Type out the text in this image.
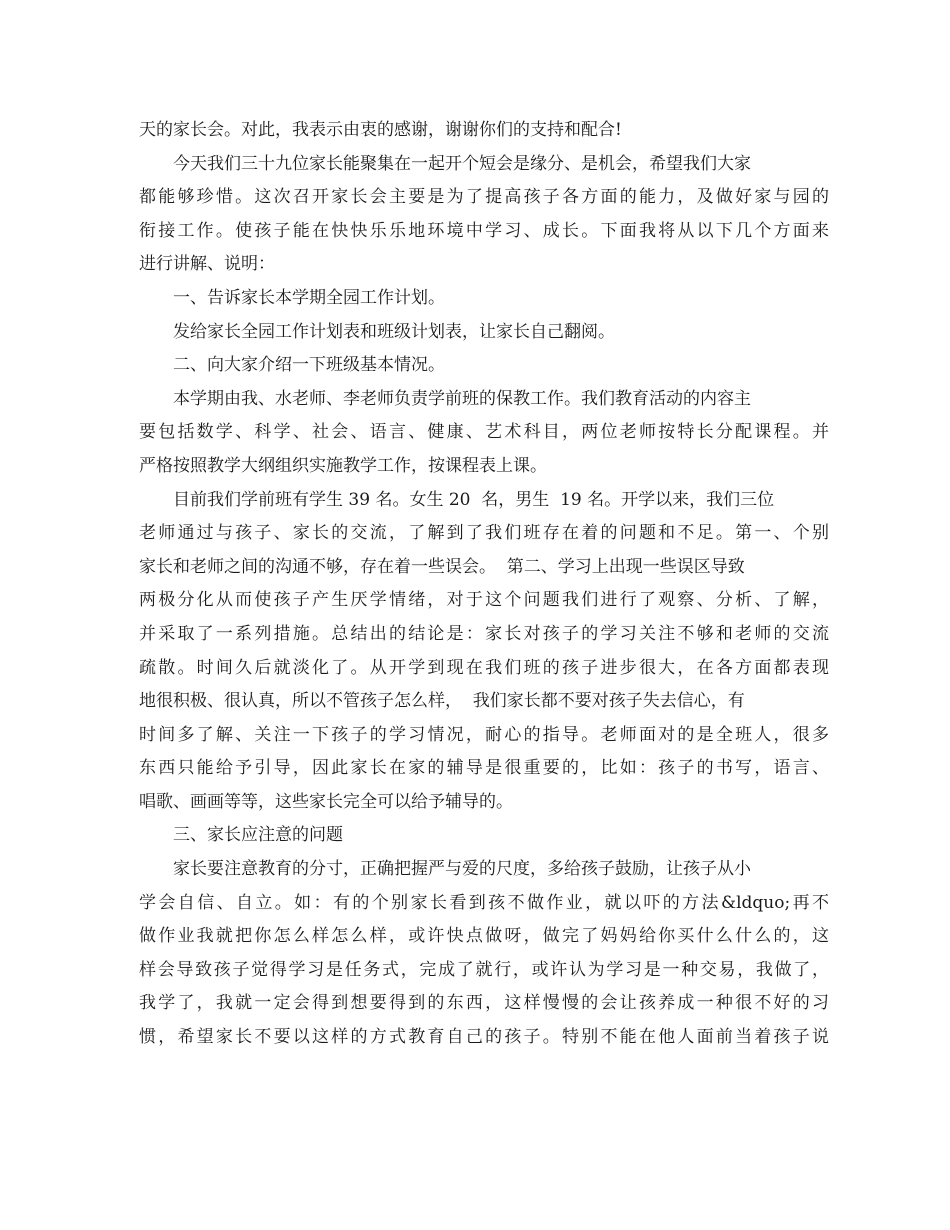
天的家长会。对此，我表示由衷的感谢，谢谢你们的支持和配合!
今天我们三十九位家长能聚集在一起开个短会是缘分、是机会，希望我们大家
都能够珍惜。这次召开家长会主要是为了提高孩子各方面的能力，及做好家与园的
衔接工作。使孩子能在快快乐乐地环境中学习、成长。下面我将从以下几个方面来
进行讲解、说明：
一、告诉家长本学期全园工作计划。
发给家长全园工作计划表和班级计划表，让家长自己翻阅。
二、向大家介绍一下班级基本情况。
本学期由我、水老师、李老师负责学前班的保教工作。我们教育活动的内容主
要包括数学、科学、社会、语言、健康、艺术科目，两位老师按特长分配课程。并
严格按照教学大纲组织实施教学工作，按课程表上课。
目前我们学前班有学生 39 名。女生 20  名，男生  19 名。开学以来，我们三位
老师通过与孩子、家长的交流，了解到了我们班存在着的问题和不足。第一、个别
家长和老师之间的沟通不够，存在着一些误会。  第二、学习上出现一些误区导致
两极分化从而使孩子产生厌学情绪，对于这个问题我们进行了观察、分析、了解，
并采取了一系列措施。总结出的结论是：家长对孩子的学习关注不够和老师的交流
疏散。时间久后就淡化了。从开学到现在我们班的孩子进步很大，在各方面都表现
地很积极、很认真，所以不管孩子怎么样，  我们家长都不要对孩子失去信心，有
时间多了解、关注一下孩子的学习情况，耐心的指导。老师面对的是全班人，很多
东西只能给予引导，因此家长在家的辅导是很重要的，比如：孩子的书写，语言、
唱歌、画画等等，这些家长完全可以给予辅导的。
三、家长应注意的问题
家长要注意教育的分寸，正确把握严与爱的尺度，多给孩子鼓励，让孩子从小
学会自信、自立。如：有的个别家长看到孩不做作业，就以吓的方法&ldquo;再不
做作业我就把你怎么样怎么样，或许快点做呀，做完了妈妈给你买什么什么的，这
样会导致孩子觉得学习是任务式，完成了就行，或许认为学习是一种交易，我做了，
我学了，我就一定会得到想要得到的东西，这样慢慢的会让孩养成一种很不好的习
惯，希望家长不要以这样的方式教育自己的孩子。特别不能在他人面前当着孩子说
